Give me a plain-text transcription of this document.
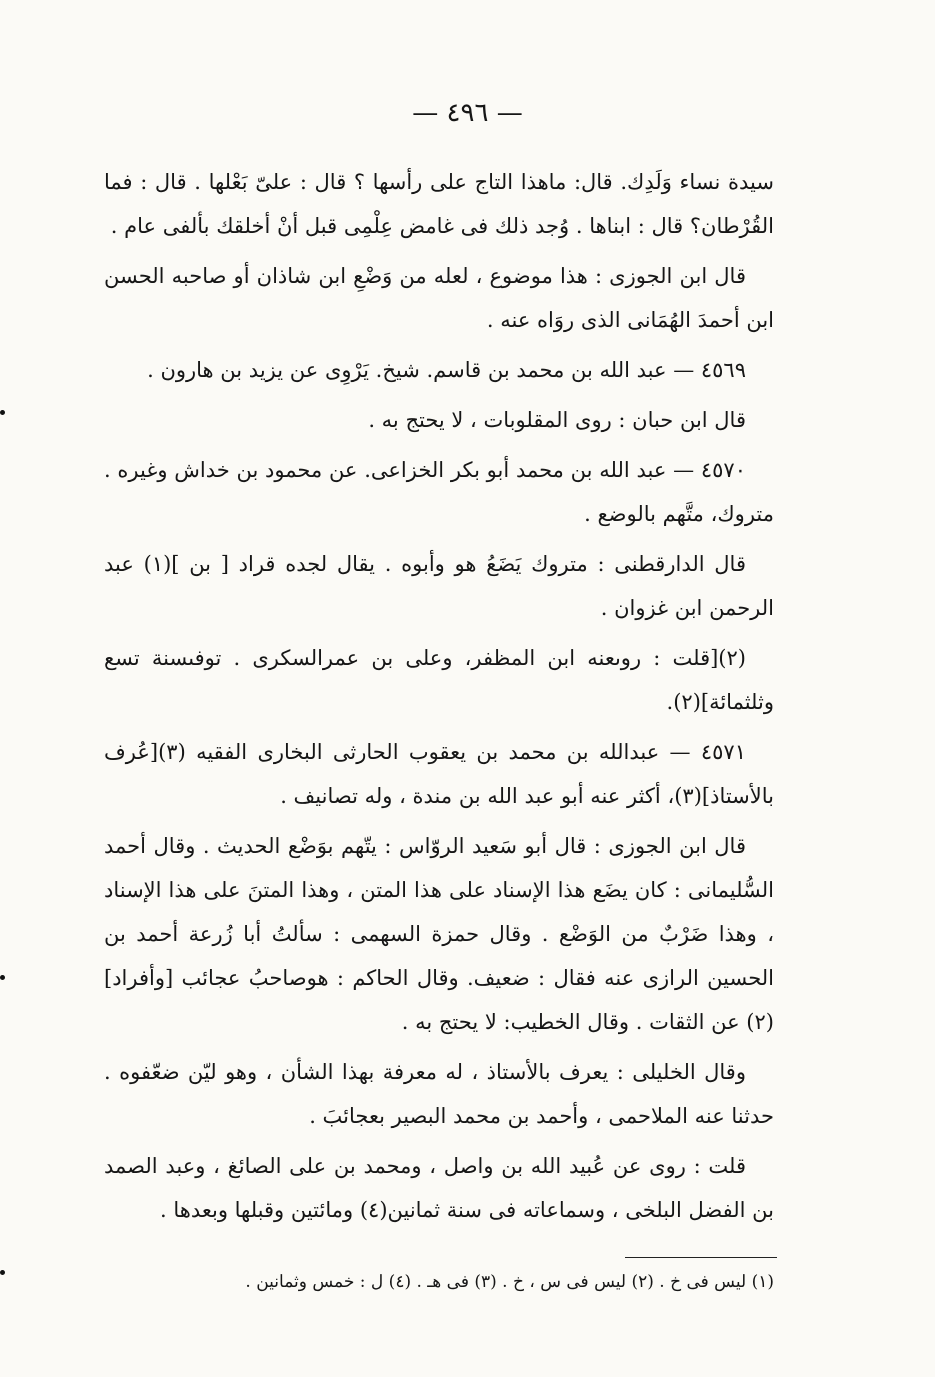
— ٤٩٦ —

سيدة نساء وَلَدِك. قال: ماهذا التاج على رأسها ؟ قال : علىّ بَعْلها . قال : فما القُرْطان؟ قال : ابناها . وُجد ذلك فى غامض عِلْمِى قبل أنْ أخلقك بألفى عام .

قال ابن الجوزى : هذا موضوع ، لعله من وَضْعِ ابن شاذان أو صاحبه الحسن ابن أحمدَ الهُمَانى الذى روَاه عنه .

٤٥٦٩ — عبد الله بن محمد بن قاسم. شيخ. يَرْوِى عن يزيد بن هارون .

قال ابن حبان : روى المقلوبات ، لا يحتج به .

٤٥٧٠ — عبد الله بن محمد أبو بكر الخزاعى. عن محمود بن خداش وغيره . متروك، متَّهم بالوضع .

قال الدارقطنى : متروك يَضَعُ هو وأبوه . يقال لجده قراد [ بن ](١) عبد الرحمن ابن غزوان .

(٢)[قلت : روىعنه ابن المظفر، وعلى بن عمرالسكرى . توفىسنة تسع وثلثمائة](٢).

٤٥٧١ — عبدالله بن محمد بن يعقوب الحارثى البخارى الفقيه (٣)[عُرف بالأستاذ](٣)، أكثر عنه أبو عبد الله بن مندة ، وله تصانيف .

قال ابن الجوزى : قال أبو سَعيد الروّاس : يتّهم بوَضْع الحديث . وقال أحمد السُّليمانى : كان يضَع هذا الإسناد على هذا المتن ، وهذا المتنَ على هذا الإسناد ، وهذا ضَرْبٌ من الوَضْع . وقال حمزة السهمى : سألتُ أبا زُرعة أحمد بن الحسين الرازى عنه فقال : ضعيف. وقال الحاكم : هوصاحبُ عجائب [وأفراد](٢) عن الثقات . وقال الخطيب: لا يحتج به .

وقال الخليلى : يعرف بالأستاذ ، له معرفة بهذا الشأن ، وهو ليّن ضعّفوه . حدثنا عنه الملاحمى ، وأحمد بن محمد البصير بعجائبَ .

قلت : روى عن عُبيد الله بن واصل ، ومحمد بن على الصائغ ، وعبد الصمد بن الفضل البلخى ، وسماعاته فى سنة ثمانين(٤) ومائتين وقبلها وبعدها .

(١) ليس فى خ . (٢) ليس فى س ، خ . (٣) فى هـ . (٤) ل : خمس وثمانين .
